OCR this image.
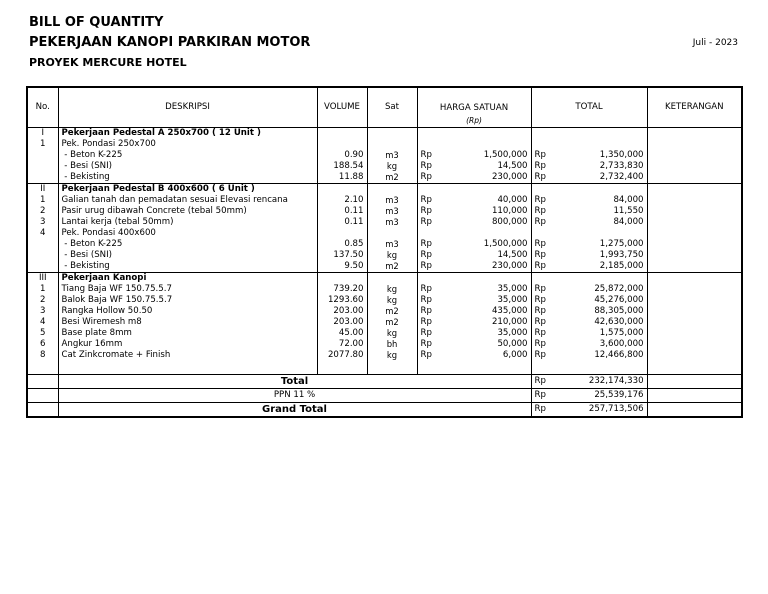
BILL OF QUANTITY
PEKERJAAN KANOPI PARKIRAN MOTOR	Juli - 2023
PROYEK MERCURE HOTEL
No.	DESKRIPSI	VOLUME	Sat	HARGA SATUAN		TOTAL		KETERANGAN
				(Rp)				
I	Pekerjaan Pedestal A 250x700 ( 12 Unit )							
1	Pek. Pondasi 250x700							
	- Beton K-225	0.90	m3	Rp	1,500,000	Rp	1,350,000	
	- Besi (SNI)	188.54	kg	Rp	14,500	Rp	2,733,830	
	- Bekisting	11.88	m2	Rp	230,000	Rp	2,732,400	
II	Pekerjaan Pedestal B 400x600 ( 6 Unit )							
1	Galian tanah dan pemadatan sesuai Elevasi rencana	2.10	m3	Rp	40,000	Rp	84,000	
2	Pasir urug dibawah Concrete (tebal 50mm)	0.11	m3	Rp	110,000	Rp	11,550	
3	Lantai kerja (tebal 50mm)	0.11	m3	Rp	800,000	Rp	84,000	
4	Pek. Pondasi 400x600							
	- Beton K-225	0.85	m3	Rp	1,500,000	Rp	1,275,000	
	- Besi (SNI)	137.50	kg	Rp	14,500	Rp	1,993,750	
	- Bekisting	9.50	m2	Rp	230,000	Rp	2,185,000	
III	Pekerjaan Kanopi							
1	Tiang Baja WF 150.75.5.7	739.20	kg	Rp	35,000	Rp	25,872,000	
2	Balok Baja WF 150.75.5.7	1293.60	kg	Rp	35,000	Rp	45,276,000	
3	Rangka Hollow 50.50	203.00	m2	Rp	435,000	Rp	88,305,000	
4	Besi Wiremesh m8	203.00	m2	Rp	210,000	Rp	42,630,000	
5	Base plate 8mm	45.00	kg	Rp	35,000	Rp	1,575,000	
6	Angkur 16mm	72.00	bh	Rp	50,000	Rp	3,600,000	
8	Cat Zinkcromate + Finish	2077.80	kg	Rp	6,000	Rp	12,466,800	

	Total					Rp	232,174,330	
	PPN 11 %					Rp	25,539,176	
	Grand Total					Rp	257,713,506	
